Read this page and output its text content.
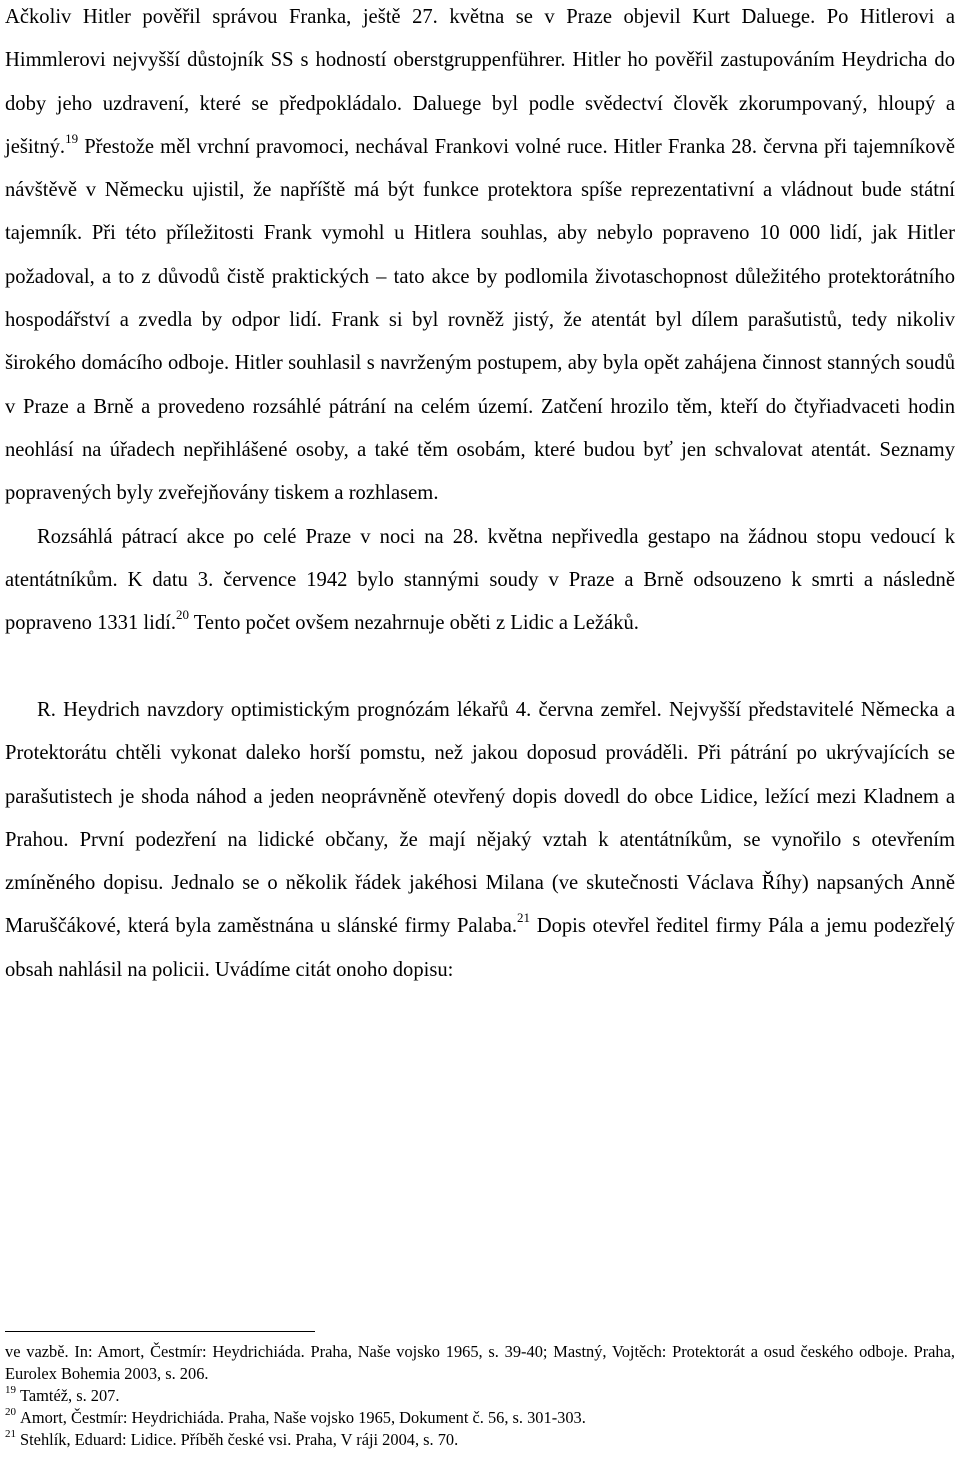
Ačkoliv Hitler pověřil správou Franka, ještě 27. května se v Praze objevil Kurt Daluege. Po Hitlerovi a Himmlerovi nejvyšší důstojník SS s hodností oberstgruppenführer. Hitler ho pověřil zastupováním Heydricha do doby jeho uzdravení, které se předpokládalo. Daluege byl podle svědectví člověk zkorumpovaný, hloupý a ješitný.$^{19}$ Přestože měl vrchní pravomoci, nechával Frankovi volné ruce. Hitler Franka 28. června při tajemníkově návštěvě v Německu ujistil, že napříště má být funkce protektora spíše reprezentativní a vládnout bude státní tajemník. Při této příležitosti Frank vymohl u Hitlera souhlas, aby nebylo popraveno 10 000 lidí, jak Hitler požadoval, a to z důvodů čistě praktických – tato akce by podlomila životaschopnost důležitého protektorátního hospodářství a zvedla by odpor lidí. Frank si byl rovněž jistý, že atentát byl dílem parašutistů, tedy nikoliv širokého domácího odboje. Hitler souhlasil s navrženým postupem, aby byla opět zahájena činnost stanných soudů v Praze a Brně a provedeno rozsáhlé pátrání na celém území. Zatčení hrozilo těm, kteří do čtyřiadvaceti hodin neohlásí na úřadech nepřihlášené osoby, a také těm osobám, které budou byť jen schvalovat atentát. Seznamy popravených byly zveřejňovány tiskem a rozhlasem.

Rozsáhlá pátrací akce po celé Praze v noci na 28. května nepřivedla gestapo na žádnou stopu vedoucí k atentátníkům. K datu 3. července 1942 bylo stannými soudy v Praze a Brně odsouzeno k smrti a následně popraveno 1331 lidí.$^{20}$ Tento počet ovšem nezahrnuje oběti z Lidic a Ležáků.

R. Heydrich navzdory optimistickým prognózám lékařů 4. června zemřel. Nejvyšší představitelé Německa a Protektorátu chtěli vykonat daleko horší pomstu, než jakou doposud prováděli. Při pátrání po ukrývajících se parašutistech je shoda náhod a jeden neoprávněně otevřený dopis dovedl do obce Lidice, ležící mezi Kladnem a Prahou. První podezření na lidické občany, že mají nějaký vztah k atentátníkům, se vynořilo s otevřením zmíněného dopisu. Jednalo se o několik řádek jakéhosi Milana (ve skutečnosti Václava Říhy) napsaných Anně Maruščákové, která byla zaměstnána u slánské firmy Palaba.$^{21}$ Dopis otevřel ředitel firmy Pála a jemu podezřelý obsah nahlásil na policii. Uvádíme citát onoho dopisu:

ve vazbě. In: Amort, Čestmír: Heydrichiáda. Praha, Naše vojsko 1965, s. 39-40; Mastný, Vojtěch: Protektorát a osud českého odboje. Praha, Eurolex Bohemia 2003, s. 206.

$^{19}$ Tamtéž, s. 207.

$^{20}$ Amort, Čestmír: Heydrichiáda. Praha, Naše vojsko 1965, Dokument č. 56, s. 301-303.

$^{21}$ Stehlík, Eduard: Lidice. Příběh české vsi. Praha, V ráji 2004, s. 70.
